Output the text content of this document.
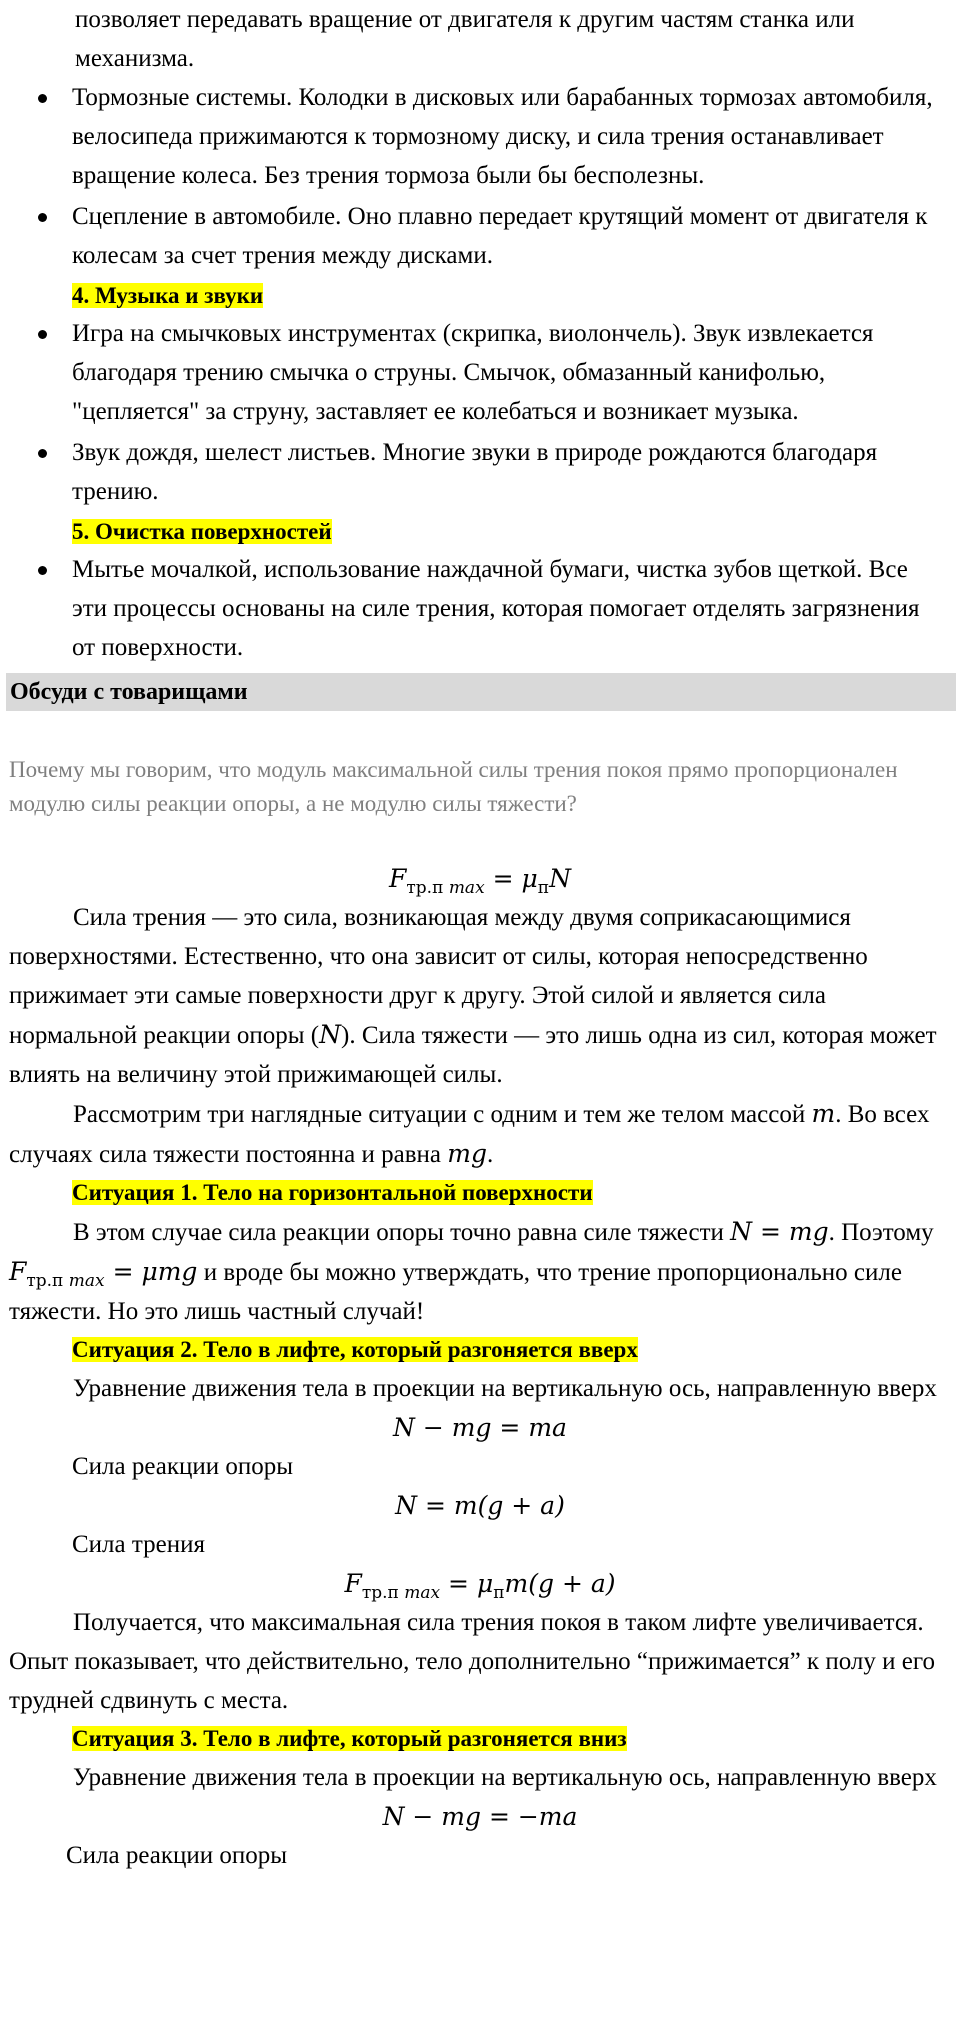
позволяет передавать вращение от двигателя к другим частям станка или механизма.

Тормозные системы. Колодки в дисковых или барабанных тормозах автомобиля, велосипеда прижимаются к тормозному диску, и сила трения останавливает вращение колеса. Без трения тормоза были бы бесполезны.
Сцепление в автомобиле. Оно плавно передает крутящий момент от двигателя к колесам за счет трения между дисками.
4. Музыка и звуки
Игра на смычковых инструментах (скрипка, виолончель). Звук извлекается благодаря трению смычка о струны. Смычок, обмазанный канифолью, "цепляется" за струну, заставляет ее колебаться и возникает музыка.
Звук дождя, шелест листьев. Многие звуки в природе рождаются благодаря трению.
5. Очистка поверхностей
Мытье мочалкой, использование наждачной бумаги, чистка зубов щеткой. Все эти процессы основаны на силе трения, которая помогает отделять загрязнения от поверхности.
Обсуди с товарищами

Почему мы говорим, что модуль максимальной силы трения покоя прямо пропорционален модулю силы реакции опоры, а не модулю силы тяжести?

$F_{тр.п max} = \mu_пN$

Сила трения — это сила, возникающая между двумя соприкасающимися поверхностями. Естественно, что она зависит от силы, которая непосредственно прижимает эти самые поверхности друг к другу. Этой силой и является сила нормальной реакции опоры (N). Сила тяжести — это лишь одна из сил, которая может влиять на величину этой прижимающей силы.

Рассмотрим три наглядные ситуации с одним и тем же телом массой m. Во всех случаях сила тяжести постоянна и равна mg.

Ситуация 1. Тело на горизонтальной поверхности

В этом случае сила реакции опоры точно равна силе тяжести N = mg. Поэтому $F_{тр.п max} = \mu mg$ и вроде бы можно утверждать, что трение пропорционально силе тяжести. Но это лишь частный случай!

Ситуация 2. Тело в лифте, который разгоняется вверх

Уравнение движения тела в проекции на вертикальную ось, направленную вверх

N − mg = ma

Сила реакции опоры

N = m(g + a)

Сила трения

$F_{тр.п max} = \mu_пm(g + a)$

Получается, что максимальная сила трения покоя в таком лифте увеличивается. Опыт показывает, что действительно, тело дополнительно “прижимается” к полу и его трудней сдвинуть с места.

Ситуация 3. Тело в лифте, который разгоняется вниз

Уравнение движения тела в проекции на вертикальную ось, направленную вверх

N − mg = −ma

Сила реакции опоры
